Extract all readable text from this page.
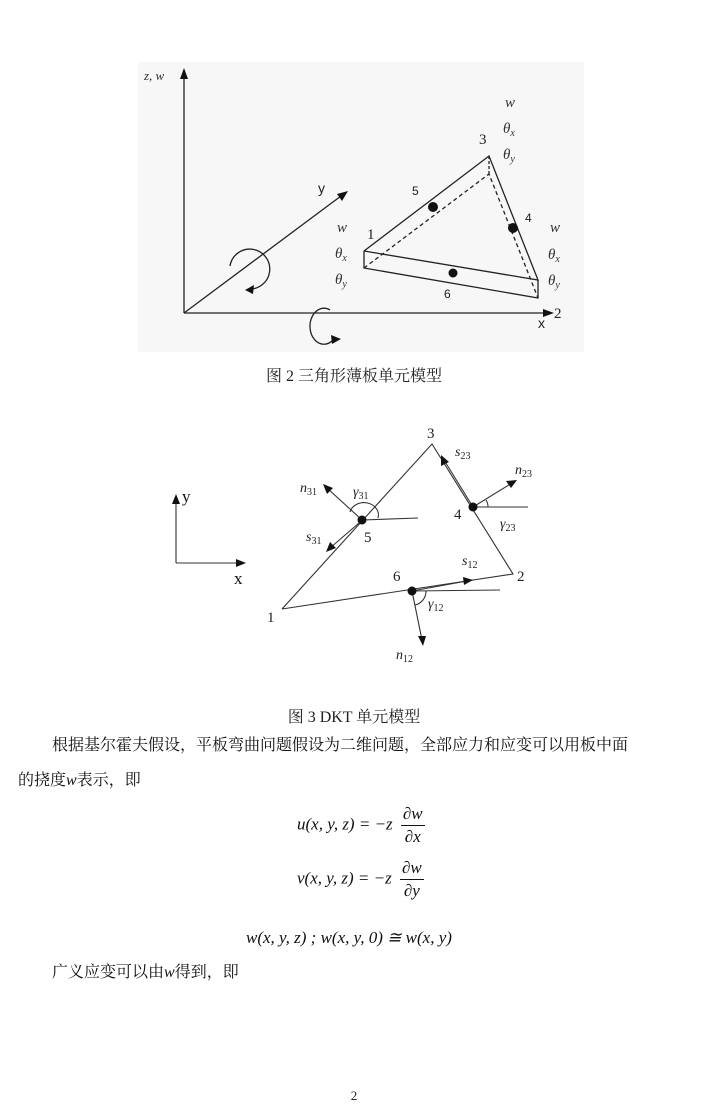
z, w
y
x
1
2
3
4
5
6
w
$\theta_x$
$\theta_y$
w
$\theta_x$
$\theta_y$
w
$\theta_x$
$\theta_y$
图 2 三角形薄板单元模型
y
x
1
2
3
4
5
6
$s_{23}$
$n_{23}$
$\gamma_{23}$
$n_{31}$	$\gamma_{31}$
$s_{31}$
$s_{12}$
$\gamma_{12}$
$n_{12}$
图 3 DKT 单元模型
根据基尔霍夫假设，平板弯曲问题假设为二维问题，全部应力和应变可以用板中面
的挠度w表示，即
u(x, y, $z) = -z \frac{\partial w}{\partial x}$
v(x, y, $z) = -z \frac{\partial w}{\partial y}$
w(x, y, z) ; w(x, y, 0) ≅ w(x, y)
广义应变可以由w得到，即
2
